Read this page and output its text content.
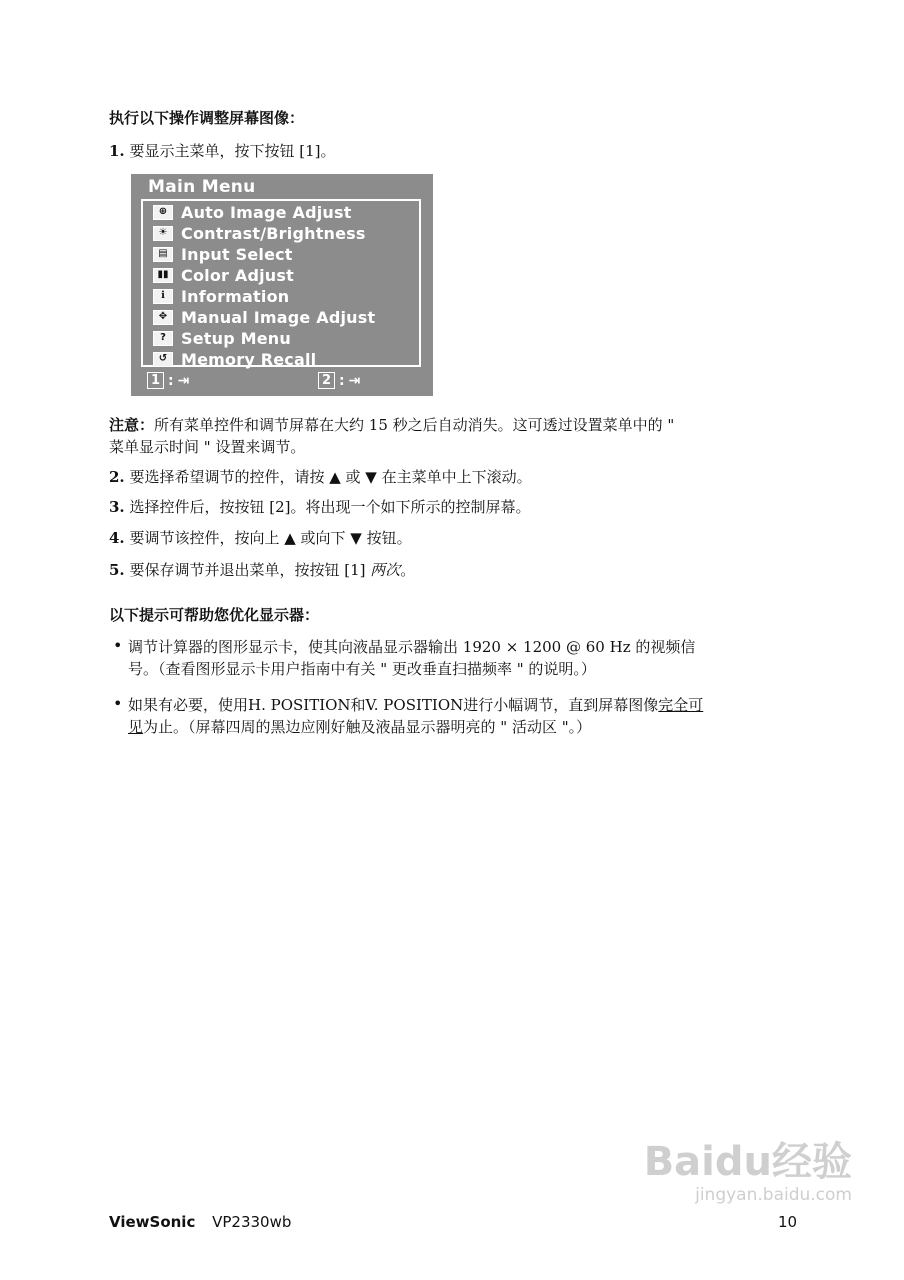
执行以下操作调整屏幕图像：
1. 要显示主菜单，按下按钮 [1]。
Main Menu
⊕ Auto Image Adjust
☀ Contrast/Brightness
▤ Input Select
▮▮ Color Adjust
ℹ	Information
✥ Manual Image Adjust
? Setup Menu
↺ Memory Recall
1 : ⇥	2 : ⇥
注意：所有菜单控件和调节屏幕在大约 15 秒之后自动消失。这可透过设置菜单中的 "
菜单显示时间 " 设置来调节。
2. 要选择希望调节的控件，请按 ▲ 或 ▼ 在主菜单中上下滚动。
3. 选择控件后，按按钮 [2]。将出现一个如下所示的控制屏幕。
4. 要调节该控件，按向上 ▲ 或向下 ▼ 按钮。
5. 要保存调节并退出菜单，按按钮 [1] 两次。
以下提示可帮助您优化显示器：
• 调节计算器的图形显示卡，使其向液晶显示器输出 1920 × 1200 @ 60 Hz 的视频信
号。（查看图形显示卡用户指南中有关 " 更改垂直扫描频率 " 的说明。）
• 如果有必要，使用H. POSITION和V. POSITION进行小幅调节，直到屏幕图像完全可
见为止。（屏幕四周的黑边应刚好触及液晶显示器明亮的 " 活动区 "。）
Baidu经验
jingyan.baidu.com
ViewSonic VP2330wb	10
